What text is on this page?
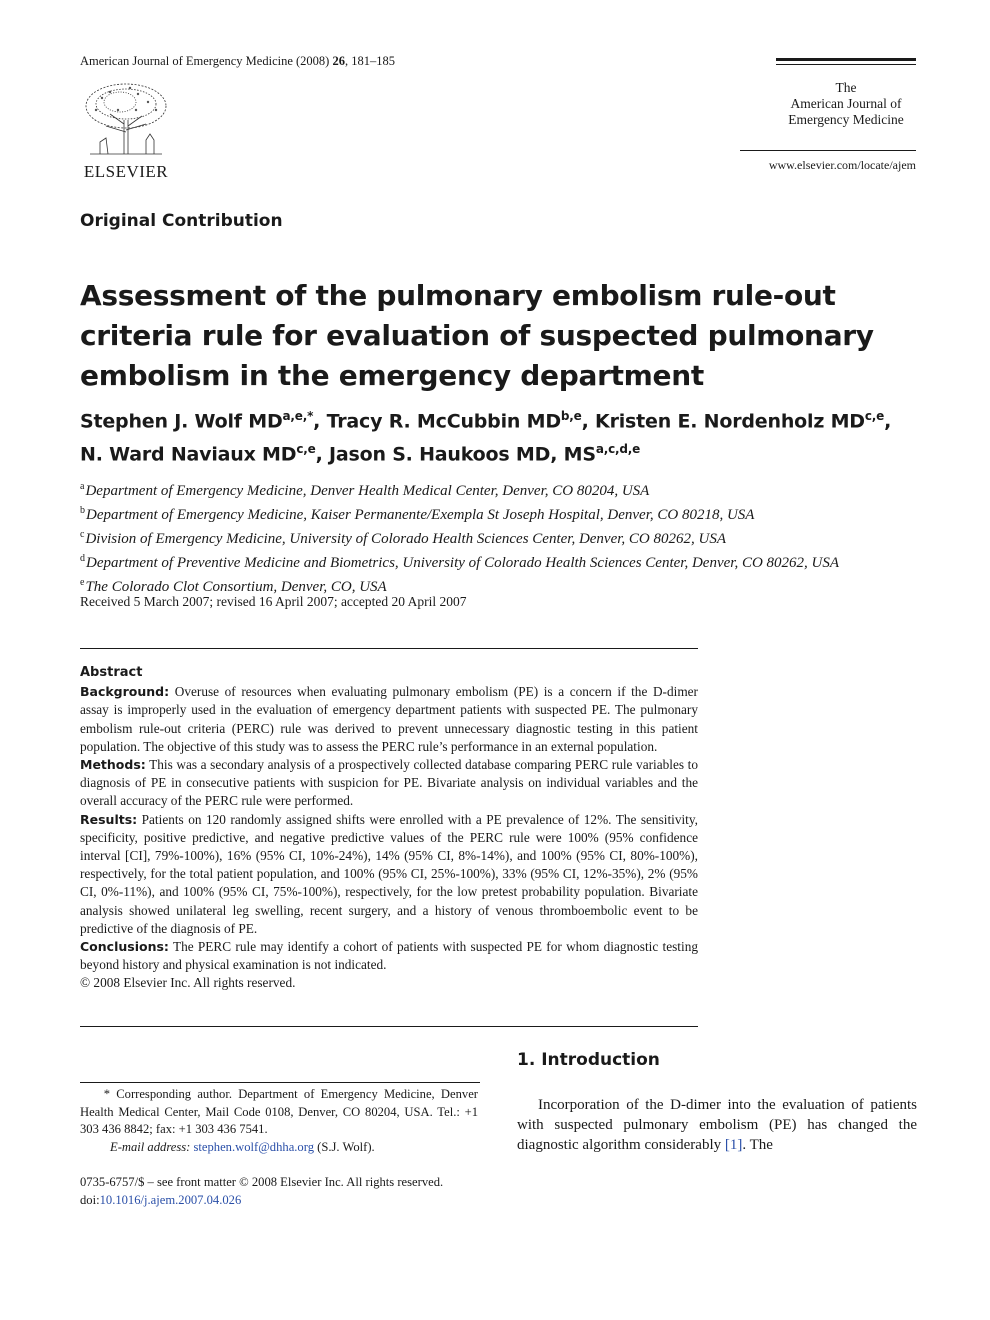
American Journal of Emergency Medicine (2008) 26, 181–185
ELSEVIER
The
American Journal of
Emergency Medicine
www.elsevier.com/locate/ajem
Original Contribution
Assessment of the pulmonary embolism rule-out criteria rule for evaluation of suspected pulmonary embolism in the emergency department
Stephen J. Wolf $MD^{a,e,*}$, Tracy R. McCubbin MD$^{b,e}$, Kristen E. Nordenholz MD$^{c,e}$,
N. Ward Naviaux MD$^{c,e}$, Jason S. Haukoos MD, MS$^{a,c,d,e}$
$^a$Department of Emergency Medicine, Denver Health Medical Center, Denver, CO 80204, USA
$^b$Department of Emergency Medicine, Kaiser Permanente/Exempla St Joseph Hospital, Denver, CO 80218, USA
$^c$Division of Emergency Medicine, University of Colorado Health Sciences Center, Denver, CO 80262, USA
$^d$Department of Preventive Medicine and Biometrics, University of Colorado Health Sciences Center, Denver, CO 80262, USA
$^e$The Colorado Clot Consortium, Denver, CO, USA
Received 5 March 2007; revised 16 April 2007; accepted 20 April 2007
Abstract

Background: Overuse of resources when evaluating pulmonary embolism (PE) is a concern if the D-dimer assay is improperly used in the evaluation of emergency department patients with suspected PE. The pulmonary embolism rule-out criteria (PERC) rule was derived to prevent unnecessary diagnostic testing in this patient population. The objective of this study was to assess the PERC rule’s performance in an external population.

Methods: This was a secondary analysis of a prospectively collected database comparing PERC rule variables to diagnosis of PE in consecutive patients with suspicion for PE. Bivariate analysis on individual variables and the overall accuracy of the PERC rule were performed.

Results: Patients on 120 randomly assigned shifts were enrolled with a PE prevalence of 12%. The sensitivity, specificity, positive predictive, and negative predictive values of the PERC rule were 100% (95% confidence interval [CI], 79%-100%), 16% (95% CI, 10%-24%), 14% (95% CI, 8%-14%), and 100% (95% CI, 80%-100%), respectively, for the total patient population, and 100% (95% CI, 25%-100%), 33% (95% CI, 12%-35%), 2% (95% CI, 0%-11%), and 100% (95% CI, 75%-100%), respectively, for the low pretest probability population. Bivariate analysis showed unilateral leg swelling, recent surgery, and a history of venous thromboembolic event to be predictive of the diagnosis of PE.

Conclusions: The PERC rule may identify a cohort of patients with suspected PE for whom diagnostic testing beyond history and physical examination is not indicated.

© 2008 Elsevier Inc. All rights reserved.

1. Introduction

Incorporation of the D-dimer into the evaluation of patients with suspected pulmonary embolism (PE) has changed the diagnostic algorithm considerably [1]. The

* Corresponding author. Department of Emergency Medicine, Denver Health Medical Center, Mail Code 0108, Denver, CO 80204, USA. Tel.: +1 303 436 8842; fax: +1 303 436 7541.
E-mail address: stephen.wolf@dhha.org (S.J. Wolf).
0735-6757/$ – see front matter © 2008 Elsevier Inc. All rights reserved.
doi:10.1016/j.ajem.2007.04.026
